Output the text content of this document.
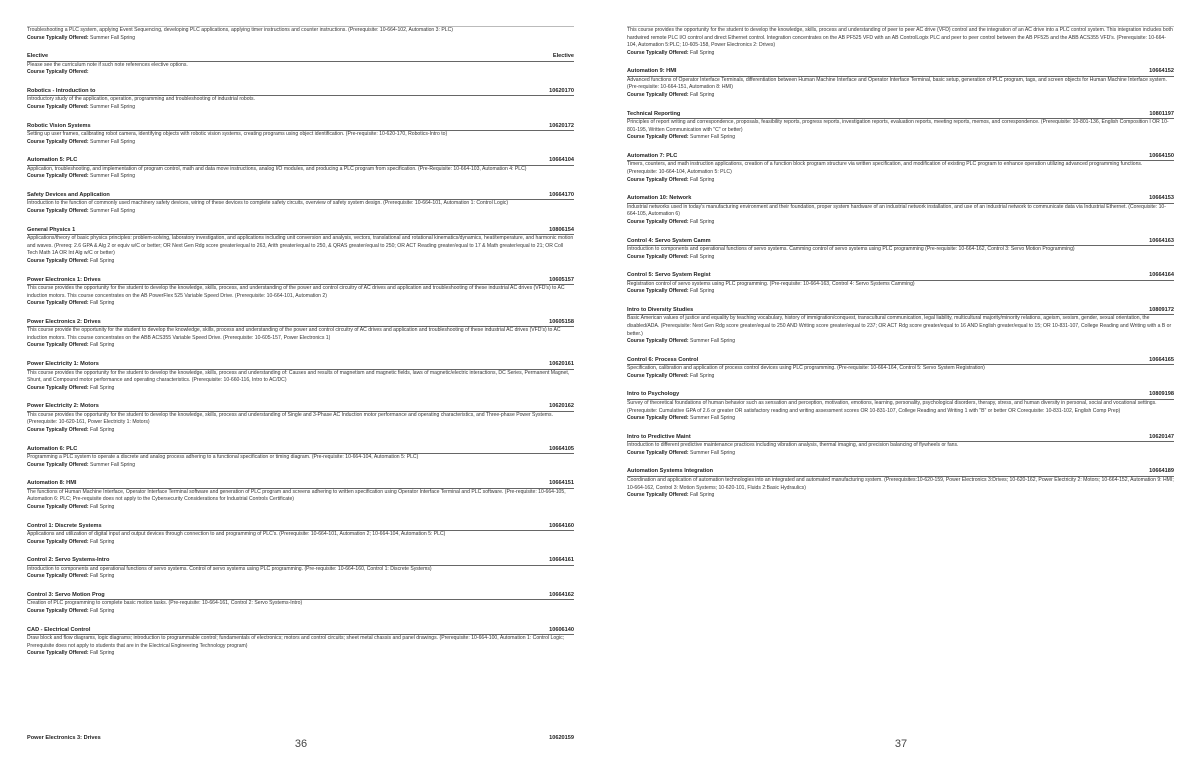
Troubleshooting a PLC system, applying Event Sequencing, developing PLC applications, applying timer instructions and counter instructions. (Prerequisite: 10-664-102, Automation 3: PLC)
Course Typically Offered: Summer Fall Spring
Elective	Elective
Please see the curriculum note if such note references elective options.
Course Typically Offered:
Robotics - Introduction to	10620170
Introductory study of the application, operation, programming and troubleshooting of industrial robots.
Course Typically Offered: Summer Fall Spring
Robotic Vision Systems	10620172
Setting up user frames, calibrating robot camera, identifying objects with robotic vision systems, creating programs using object identification. (Pre-requisite: 10-620-170, Robotics-Intro to)
Course Typically Offered: Summer Fall Spring
Automation 5: PLC	10664104
Application, troubleshooting, and implementation of program control, math and data move instructions, analog I/O modules, and producing a PLC program from specification. (Pre-Requisite: 10-664-103, Automation 4: PLC)
Course Typically Offered: Summer Fall Spring
Safety Devices and Application	10664170
Introduction to the function of commonly used machinery safety devices, wiring of these devices to complete safety circuits, overview of safety system design. (Prerequisite: 10-664-101, Automation 1: Control Logic)
Course Typically Offered: Summer Fall Spring
General Physics 1	10806154
Applications/theory of basic physics principles: problem-solving, laboratory investigation, and applications including unit conversion and analysis, vectors, translational and rotational kinematics/dynamics, heat/temperature, and harmonic motion and waves. (Prereq: 2.6 GPA & Alg 2 or equiv w/C or better; OR Next Gen Rdg score greater/equal to 263, Arith greater/equal to 250, & QRAS greater/equal to 250; OR ACT Reading greater/equal to 17 & Math greater/equal to 21; OR Coll Tech Math 1A OR Int Alg w/C or better)
Course Typically Offered: Fall Spring
Power Electronics 1: Drives	10605157
This course provides the opportunity for the student to develop the knowledge, skills, process, and understanding of the power and control circuitry of AC drives and application and troubleshooting of these industrial AC drives (VFD's) to AC induction motors. This course concentrates on the AB PowerFlex 525 Variable Speed Drive. (Prerequisite: 10-664-101, Automation 2)
Course Typically Offered: Fall Spring
Power Electronics 2: Drives	10605158
This course provide the opportunity for the student to develop the knowledge, skills, process and understanding of the power and control circuitry of AC drives and application and troubleshooting of these industrial AC drives (VFD's) to AC induction motors. This course concentrates on the ABB ACS355 Variable Speed Drive. (Prerequisite: 10-605-157, Power Electronics 1)
Course Typically Offered: Fall Spring
Power Electricity 1: Motors	10620161
This course provides the opportunity for the student to develop the knowledge, skills, process and understanding of: Causes and results of magnetism and magnetic fields, laws of magnetic/electric interactions, DC Series, Permanent Magnet, Shunt, and Compound motor performance and operating characteristics. (Prerequisite: 10-660-116, Intro to AC/DC)
Course Typically Offered: Fall Spring
Power Electricity 2: Motors	10620162
This course provides the opportunity for the student to develop the knowledge, skills, process and understanding of Single and 3-Phase AC Induction motor performance and operating characteristics, and Three-phase Power Systems. (Prerequisite: 10-620-161, Power Electricity 1: Motors)
Course Typically Offered: Fall Spring
Automation 6: PLC	10664105
Programming a PLC system to operate a discrete and analog process adhering to a functional specification or timing diagram. (Pre-requisite: 10-664-104, Automation 5: PLC)
Course Typically Offered: Summer Fall Spring
Automation 8: HMI	10664151
The functions of Human Machine Interface, Operator Interface Terminal software and generation of PLC program and screens adhering to written specification using Operator Interface Terminal and PLC software. (Pre-requisite: 10-664-105, Automation 6: PLC; Pre-requisite does not apply to the Cybersecurity Considerations for Industrial Controls Certificate)
Course Typically Offered: Fall Spring
Control 1: Discrete Systems	10664160
Applications and utilization of digital input and output devices through connection to and programming of PLC's. (Prerequisite: 10-664-101, Automation 2; 10-664-104, Automation 5: PLC)
Course Typically Offered: Fall Spring
Control 2: Servo Systems-Intro	10664161
Introduction to components and operational functions of servo systems. Control of servo systems using PLC programming. (Pre-requisite: 10-664-160, Control 1: Discrete Systems)
Course Typically Offered: Fall Spring
Control 3: Servo Motion Prog	10664162
Creation of PLC programming to complete basic motion tasks. (Pre-requisite: 10-664-161, Control 2: Servo Systems-Intro)
Course Typically Offered: Fall Spring
CAD - Electrical Control	10606140
Draw block and flow diagrams, logic diagrams; introduction to programmable control; fundamentals of electronics; motors and control circuits; sheet metal chassis and panel drawings. (Prerequisite: 10-664-100, Automation 1: Control Logic; Prerequisite does not apply to students that are in the Electrical Engineering Technology program)
Course Typically Offered: Fall Spring
Power Electronics 3: Drives	10620159
36
This course provides the opportunity for the student to develop the knowledge, skills, process and understanding of peer to peer AC drive (VFD) control and the integration of an AC drive into a PLC control system. This integration includes both hardwired remote PLC I/O control and direct Ethernet control. Integration concentrates on the AB PF525 VFD with an AB ControlLogix PLC and peer to peer control between the AB PF525 and the ABB ACS355 VFD's. (Prerequisite: 10-664-104, Automation 5:PLC; 10-605-158, Power Electronics 2: Drives)
Course Typically Offered: Fall Spring
Automation 9: HMI	10664152
Advanced functions of Operator Interface Terminals, differentiation between Human Machine Interface and Operator Interface Terminal, basic setup, generation of PLC program, tags, and screen objects for Human Machine Interface system. (Pre-requisite: 10-664-151, Automation 8: HMI)
Course Typically Offered: Fall Spring
Technical Reporting	10801197
Principles of report writing and correspondence, proposals, feasibility reports, progress reports, investigation reports, evaluation reports, meeting reports, memos, and correspondence. (Prerequisite: 10-801-136, English Composition I OR 10-801-195, Written Communication with "C" or better)
Course Typically Offered: Summer Fall Spring
Automation 7: PLC	10664150
Timers, counters, and math instruction applications, creation of a function block program structure via written specification, and modification of existing PLC program to enhance operation utilizing advanced programming functions. (Prerequisite: 10-664-104, Automation 5: PLC)
Course Typically Offered: Fall Spring
Automation 10: Network	10664153
Industrial networks used in today's manufacturing environment and their foundation, proper system hardware of an industrial network installation, and use of an industrial network to communicate data via Industrial Ethernet. (Corequisite: 10-664-105, Automation 6)
Course Typically Offered: Fall Spring
Control 4: Servo System Camm	10664163
Introduction to components and operational functions of servo systems. Camming control of servo systems using PLC programming (Pre-requisite: 10-664-162, Control 3: Servo Motion Programming)
Course Typically Offered: Fall Spring
Control 5: Servo System Regist	10664164
Registration control of servo systems using PLC programming. (Pre-requisite: 10-664-163, Control 4: Servo Systems Camming)
Course Typically Offered: Fall Spring
Intro to Diversity Studies	10809172
Basic American values of justice and equality by teaching vocabulary, history of immigration/conquest, transcultural communication, legal liability, multicultural majority/minority relations, ageism, sexism, gender, sexual orientation, the disabled/ADA. (Prerequisite: Next Gen Rdg score greater/equal to 250 AND Writing score greater/equal to 237; OR ACT Rdg score greater/equal to 16 AND English greater/equal to 15; OR 10-831-107, College Reading and Writing with a B or better.)
Course Typically Offered: Summer Fall Spring
Control 6: Process Control	10664165
Specification, calibration and application of process control devices using PLC programming. (Pre-requisite: 10-664-164, Control 5: Servo System Registration)
Course Typically Offered: Fall Spring
Intro to Psychology	10809198
Survey of theoretical foundations of human behavior such as sensation and perception, motivation, emotions, learning, personality, psychological disorders, therapy, stress, and human diversity in personal, social and vocational settings. (Prerequisite: Cumulative GPA of 2.6 or greater OR satisfactory reading and writing assessment scores OR 10-831-107, College Reading and Writing 1 with "B" or better OR Corequisite: 10-831-102, English Comp Prep)
Course Typically Offered: Summer Fall Spring
Intro to Predictive Maint	10620147
Introduction to different predictive maintenance practices including vibration analysis, thermal imaging, and precision balancing of flywheels or fans.
Course Typically Offered: Summer Fall Spring
Automation Systems Integration	10664189
Coordination and application of automation technologies into an integrated and automated manufacturing system. (Prerequisites:10-620-159, Power Electronics 3:Drives; 10-620-162, Power Electricity 2: Motors; 10-664-152, Automation 9: HMI; 10-664-162, Control 3: Motion Systems; 10-620-101, Fluids 2:Basic Hydraulics)
Course Typically Offered: Fall Spring
37
